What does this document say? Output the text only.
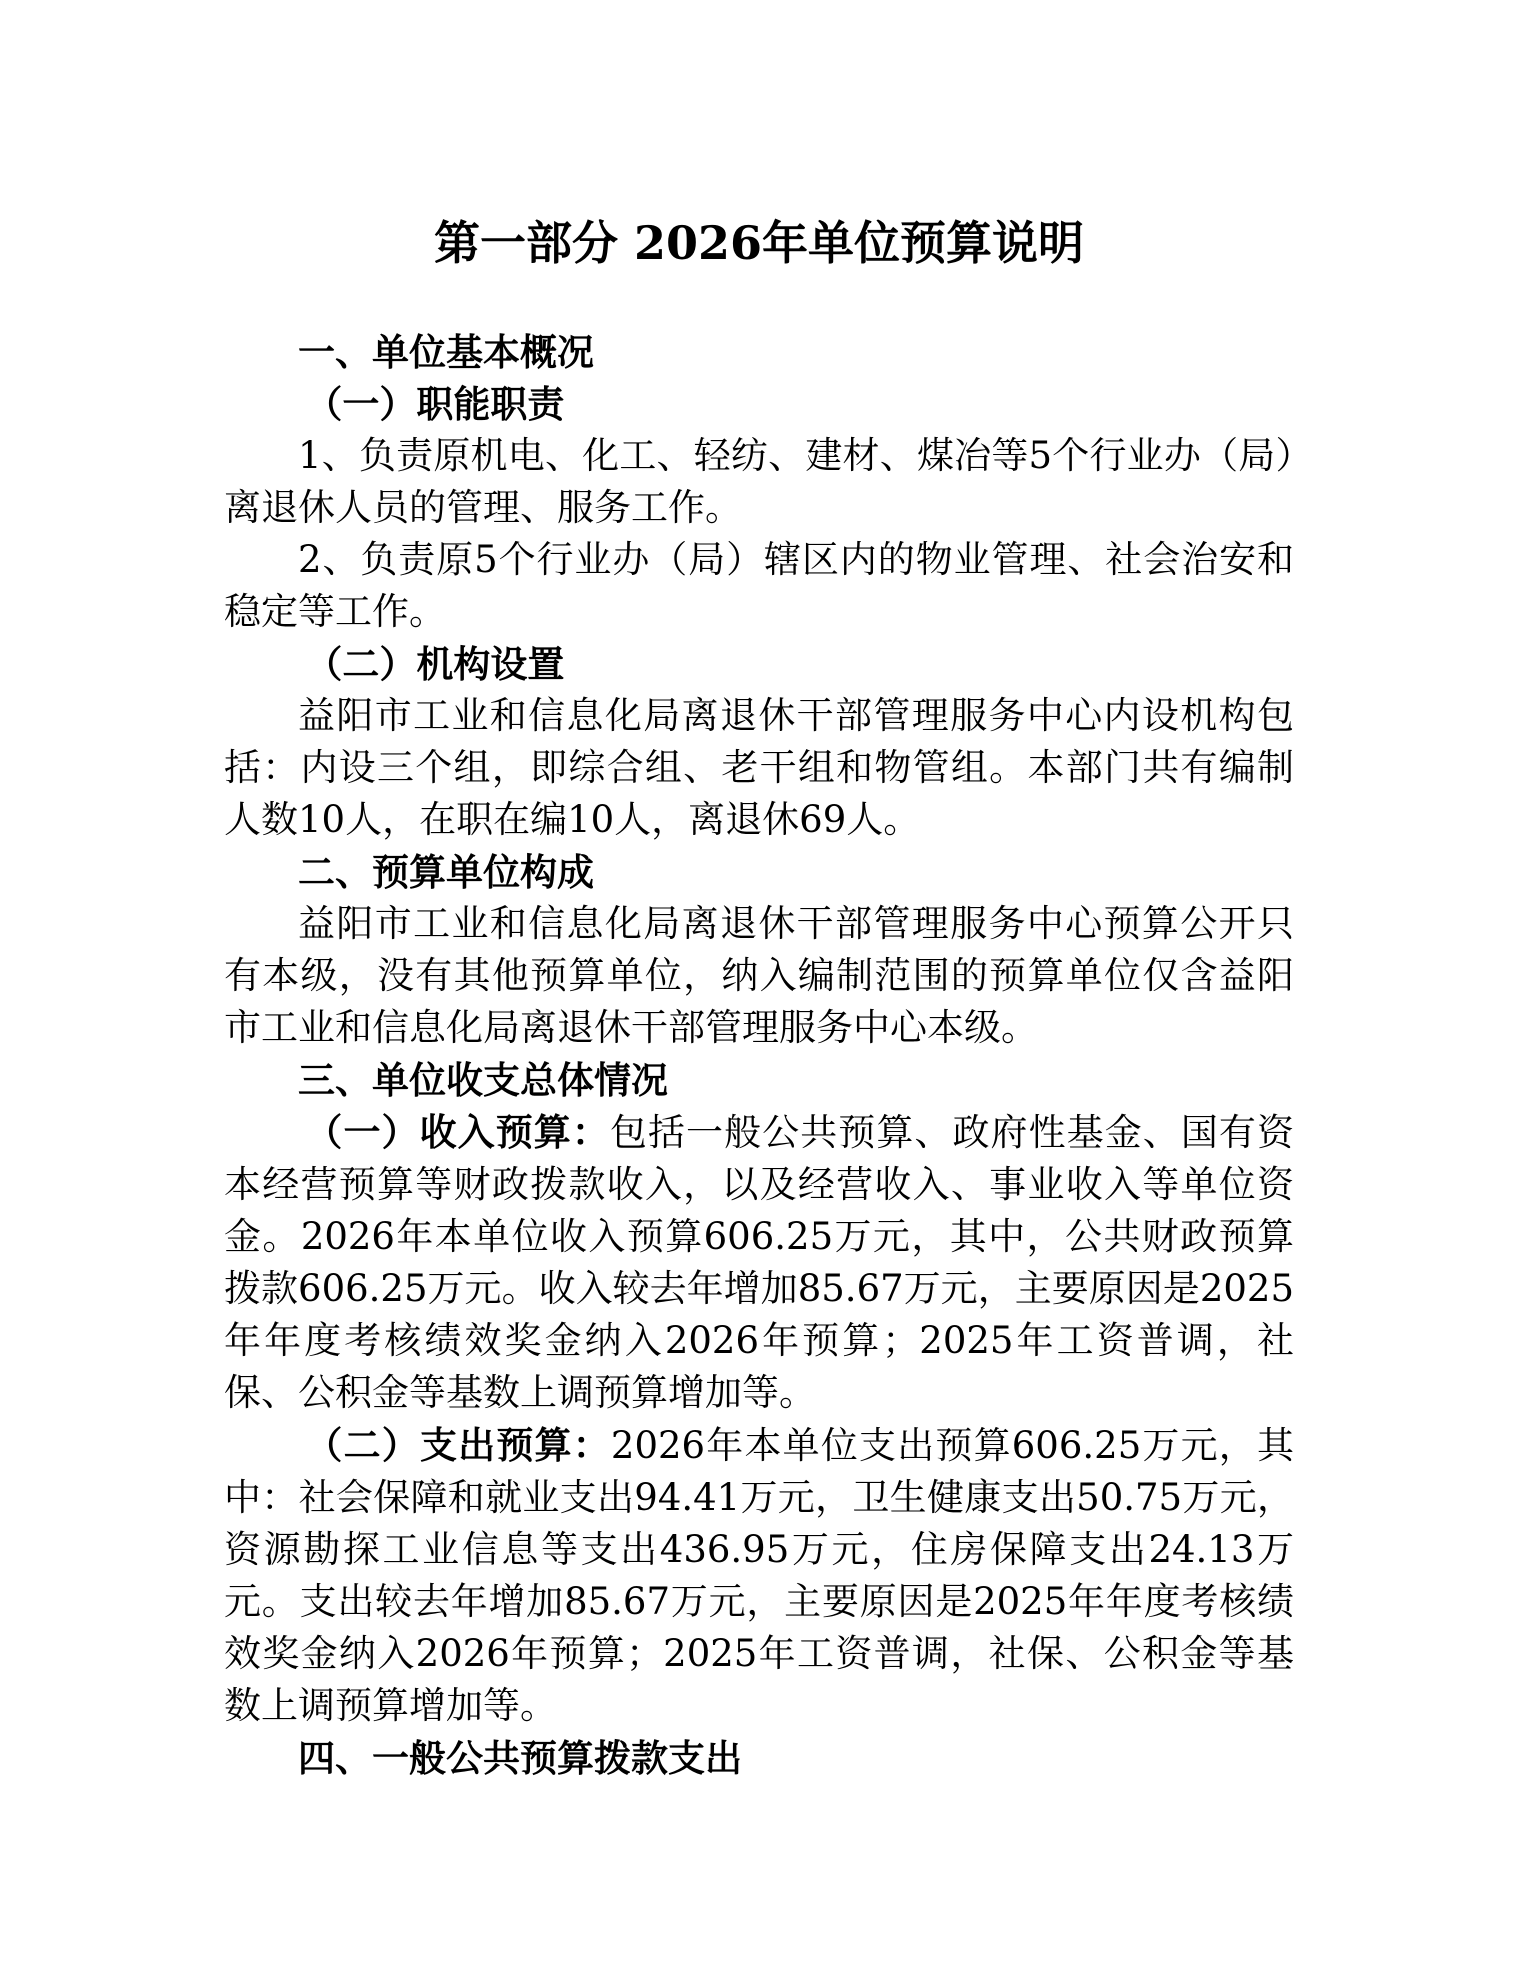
第一部分 2026年单位预算说明

一、单位基本概况

（一）职能职责

1、负责原机电、化工、轻纺、建材、煤冶等5个行业办（局）离退休人员的管理、服务工作。

2、负责原5个行业办（局）辖区内的物业管理、社会治安和稳定等工作。

（二）机构设置

益阳市工业和信息化局离退休干部管理服务中心内设机构包括：内设三个组，即综合组、老干组和物管组。本部门共有编制人数10人，在职在编10人，离退休69人。

二、预算单位构成

益阳市工业和信息化局离退休干部管理服务中心预算公开只有本级，没有其他预算单位，纳入编制范围的预算单位仅含益阳市工业和信息化局离退休干部管理服务中心本级。

三、单位收支总体情况

（一）收入预算：包括一般公共预算、政府性基金、国有资本经营预算等财政拨款收入，以及经营收入、事业收入等单位资金。2026年本单位收入预算606.25万元，其中，公共财政预算拨款606.25万元。收入较去年增加85.67万元，主要原因是2025年年度考核绩效奖金纳入2026年预算；2025年工资普调，社保、公积金等基数上调预算增加等。

（二）支出预算：2026年本单位支出预算606.25万元，其中：社会保障和就业支出94.41万元，卫生健康支出50.75万元，资源勘探工业信息等支出436.95万元，住房保障支出24.13万元。支出较去年增加85.67万元，主要原因是2025年年度考核绩效奖金纳入2026年预算；2025年工资普调，社保、公积金等基数上调预算增加等。

四、一般公共预算拨款支出
